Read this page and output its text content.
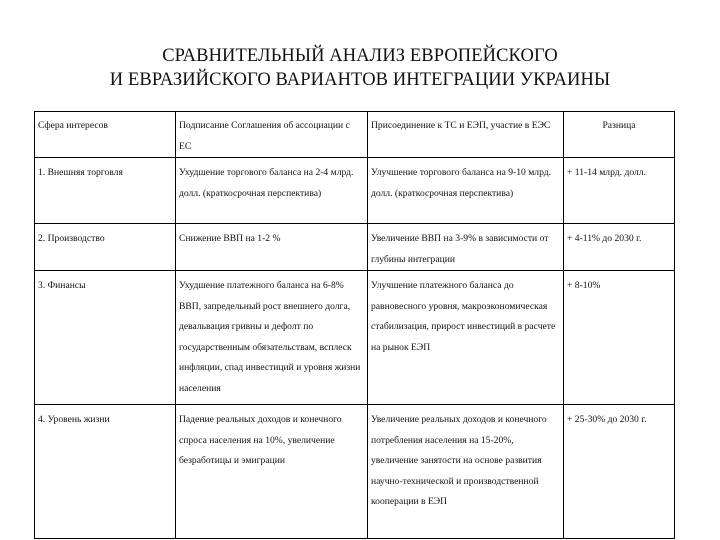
СРАВНИТЕЛЬНЫЙ АНАЛИЗ ЕВРОПЕЙСКОГО
И ЕВРАЗИЙСКОГО ВАРИАНТОВ ИНТЕГРАЦИИ УКРАИНЫ
Сфера интересов	Подписание Соглашения об ассоциации с ЕС	Присоединение к ТС и ЕЭП, участие в ЕЭС	Разница
1. Внешняя торговля	Ухудшение торгового баланса на 2-4 млрд. долл. (краткосрочная перспектива)	Улучшение торгового баланса на 9-10 млрд. долл. (краткосрочная перспектива)	+ 11-14 млрд. долл.
2. Производство	Снижение ВВП на 1-2 %	Увеличение ВВП на 3-9% в зависимости от глубины интеграции	+ 4-11% до 2030 г.
3. Финансы	Ухудшение платежного баланса на 6-8% ВВП, запредельный рост внешнего долга, девальвация гривны и дефолт по государственным обязательствам, всплеск инфляции, спад инвестиций и уровня жизни населения	Улучшение платежного баланса до равновесного уровня, макроэкономическая стабилизация, прирост инвестиций в расчете на рынок ЕЭП	+ 8-10%
4. Уровень жизни	Падение реальных доходов и конечного спроса населения на 10%, увеличение безработицы и эмиграции	Увеличение реальных доходов и конечного потребления населения на 15-20%, увеличение занятости на основе развития научно-технической и производственной кооперации в ЕЭП	+ 25-30% до 2030 г.
